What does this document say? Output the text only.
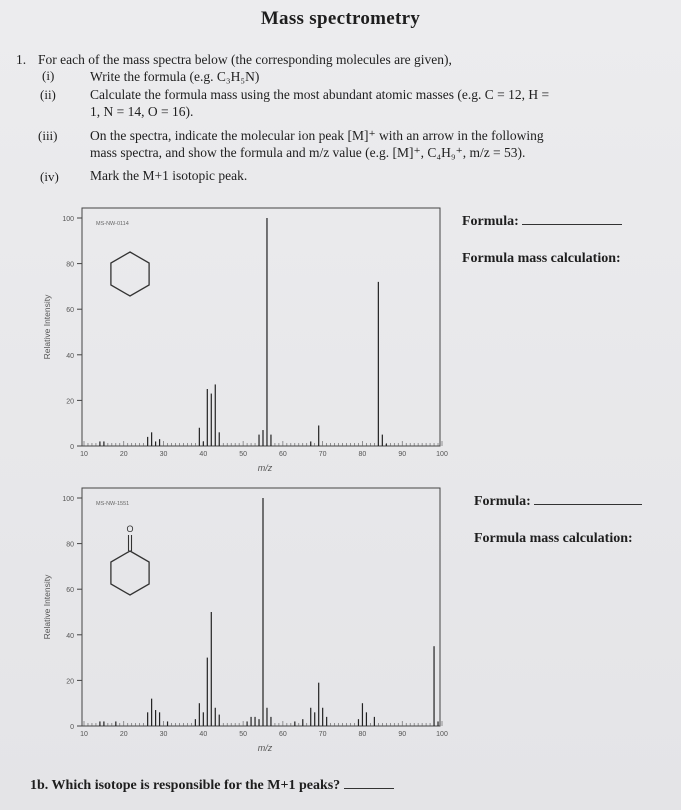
Mass spectrometry
1. For each of the mass spectra below (the corresponding molecules are given),
(i)	Write the formula (e.g. C₃H₅N)
(ii)	Calculate the formula mass using the most abundant atomic masses (e.g. C = 12, H =
1, N = 14, O = 16).
(iii) On the spectra, indicate the molecular ion peak [M]⁺ with an arrow in the following
mass spectra, and show the formula and m/z value (e.g. [M]⁺, C₄H₉⁺, m/z = 53).
(iv) Mark the M+1 isotopic peak.
0
20
40
60
80
100
10	20	30	40	50	60	70	80	90	100
m/z
Relative Intensity
MS-NW-0114	Formula:
Formula mass calculation:
0
20
40
60
80
100
10	20	30	40	50	60	70	80	90	100
m/z
Relative Intensity
MS-NW-1551
O
Formula:
Formula mass calculation:
1b. Which isotope is responsible for the M+1 peaks?
